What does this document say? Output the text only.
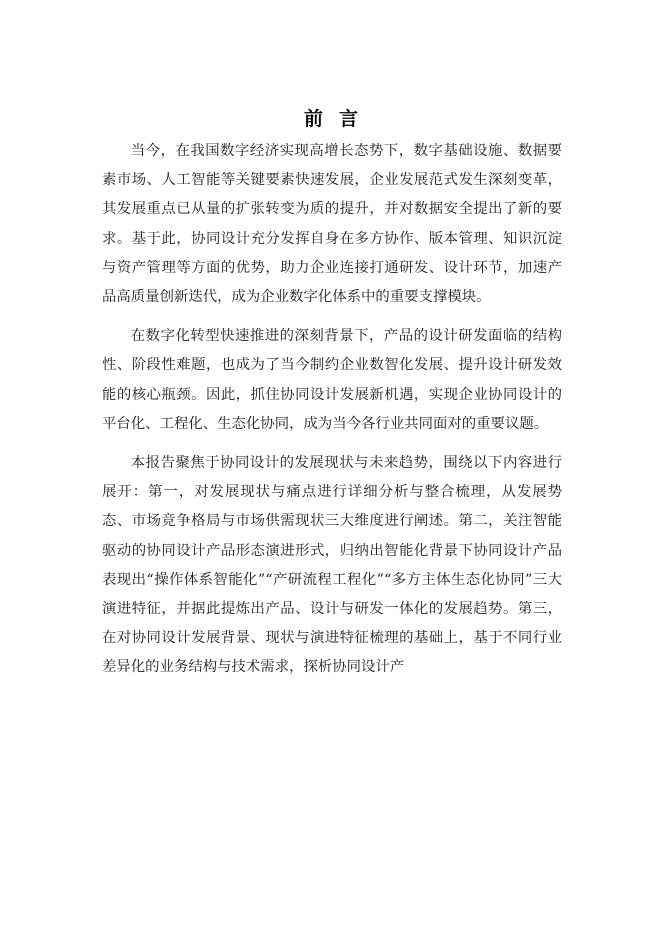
前言

当今，在我国数字经济实现高增长态势下，数字基础设施、数据要素市场、人工智能等关键要素快速发展，企业发展范式发生深刻变革，其发展重点已从量的扩张转变为质的提升，并对数据安全提出了新的要求。基于此，协同设计充分发挥自身在多方协作、版本管理、知识沉淀与资产管理等方面的优势，助力企业连接打通研发、设计环节，加速产品高质量创新迭代，成为企业数字化体系中的重要支撑模块。

在数字化转型快速推进的深刻背景下，产品的设计研发面临的结构性、阶段性难题，也成为了当今制约企业数智化发展、提升设计研发效能的核心瓶颈。因此，抓住协同设计发展新机遇，实现企业协同设计的平台化、工程化、生态化协同，成为当今各行业共同面对的重要议题。

本报告聚焦于协同设计的发展现状与未来趋势，围绕以下内容进行展开：第一，对发展现状与痛点进行详细分析与整合梳理，从发展势态、市场竞争格局与市场供需现状三大维度进行阐述。第二，关注智能驱动的协同设计产品形态演进形式，归纳出智能化背景下协同设计产品表现出“操作体系智能化”“产研流程工程化”“多方主体生态化协同”三大演进特征，并据此提炼出产品、设计与研发一体化的发展趋势。第三，在对协同设计发展背景、现状与演进特征梳理的基础上，基于不同行业差异化的业务结构与技术需求，探析协同设计产
